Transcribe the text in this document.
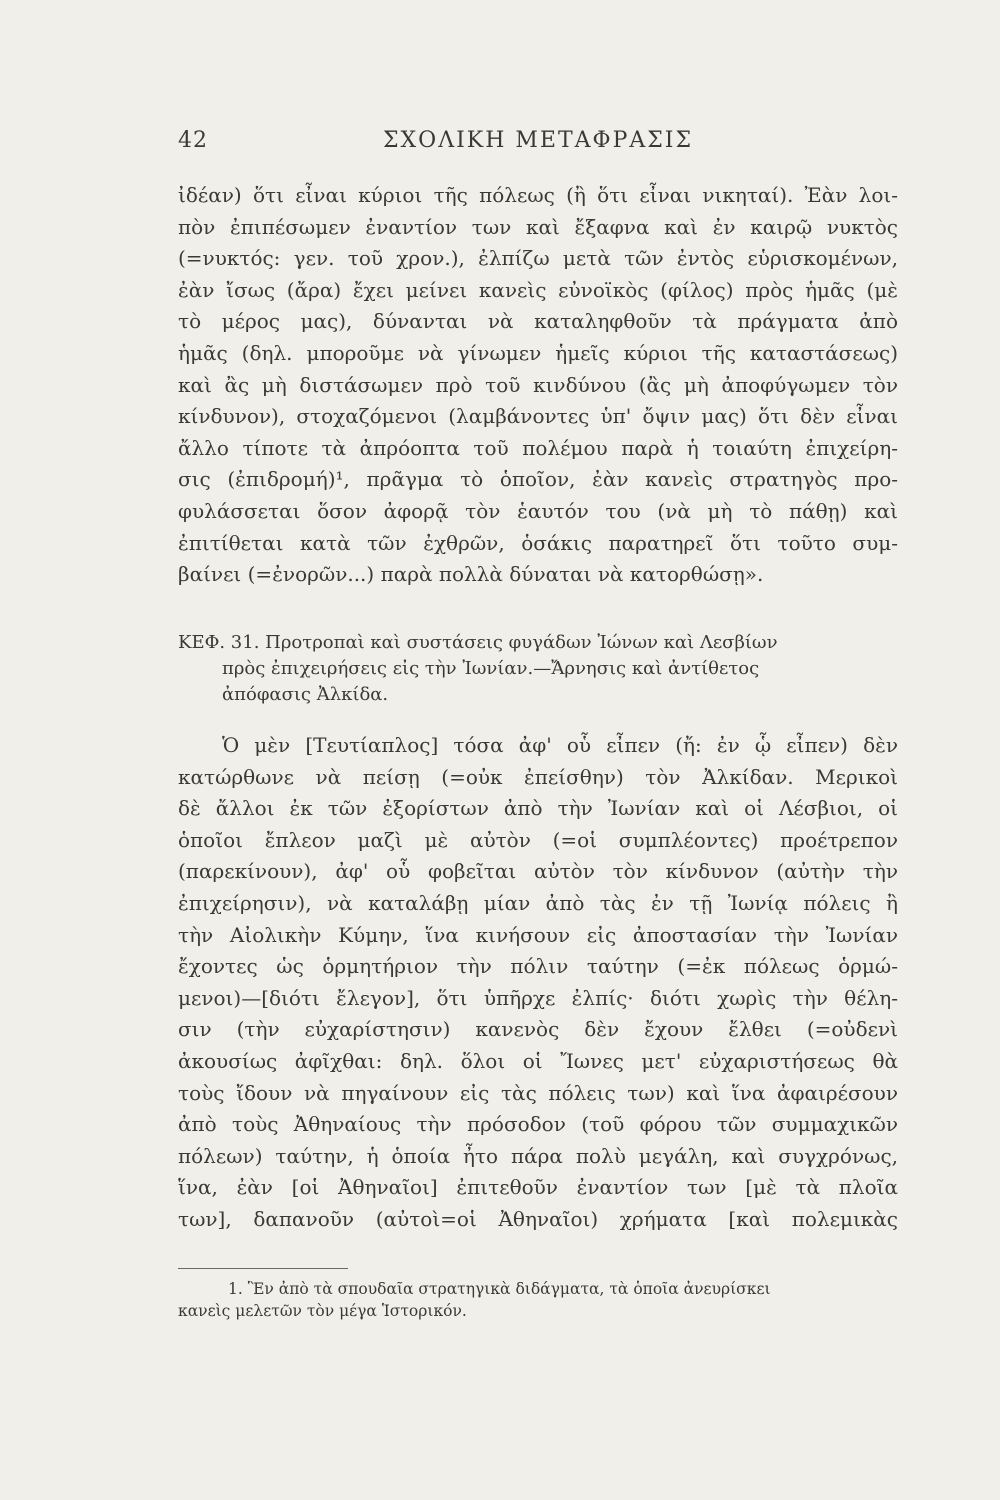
42	ΣΧΟΛΙΚΗ ΜΕΤΑΦΡΑΣΙΣ
ἰδέαν) ὅτι εἶναι κύριοι τῆς πόλεως (ἢ ὅτι εἶναι νικηταί). Ἐὰν λοι-
πὸν ἐπιπέσωμεν ἐναντίον των καὶ ἔξαφνα καὶ ἐν καιρῷ νυκτὸς
(=νυκτός: γεν. τοῦ χρον.), ἐλπίζω μετὰ τῶν ἐντὸς εὑρισκομένων,
ἐὰν ἴσως (ἄρα) ἔχει μείνει κανεὶς εὐνοϊκὸς (φίλος) πρὸς ἡμᾶς (μὲ
τὸ μέρος μας), δύνανται νὰ καταληφθοῦν τὰ πράγματα ἀπὸ
ἡμᾶς (δηλ. μποροῦμε νὰ γίνωμεν ἡμεῖς κύριοι τῆς καταστάσεως)
καὶ ἂς μὴ διστάσωμεν πρὸ τοῦ κινδύνου (ἂς μὴ ἀποφύγωμεν τὸν
κίνδυνον), στοχαζόμενοι (λαμβάνοντες ὑπ' ὄψιν μας) ὅτι δὲν εἶναι
ἄλλο τίποτε τὰ ἀπρόοπτα τοῦ πολέμου παρὰ ἡ τοιαύτη ἐπιχείρη-
σις (ἐπιδρομή)¹, πρᾶγμα τὸ ὁποῖον, ἐὰν κανεὶς στρατηγὸς προ-
φυλάσσεται ὅσον ἀφορᾷ τὸν ἑαυτόν του (νὰ μὴ τὸ πάθῃ) καὶ
ἐπιτίθεται κατὰ τῶν ἐχθρῶν, ὁσάκις παρατηρεῖ ὅτι τοῦτο συμ-
βαίνει (=ἐνορῶν...) παρὰ πολλὰ δύναται νὰ κατορθώσῃ».
ΚΕΦ. 31. Προτροπαὶ καὶ συστάσεις φυγάδων Ἰώνων καὶ Λεσβίων
πρὸς ἐπιχειρήσεις εἰς τὴν Ἰωνίαν.—Ἄρνησις καὶ ἀντίθετος
ἀπόφασις Ἀλκίδα.
Ὁ μὲν [Τευτίαπλος] τόσα ἀφ' οὗ εἶπεν (ἤ: ἐν ᾧ εἶπεν) δὲν
κατώρθωνε νὰ πείσῃ (=οὐκ ἐπείσθην) τὸν Ἀλκίδαν. Μερικοὶ
δὲ ἄλλοι ἐκ τῶν ἐξορίστων ἀπὸ τὴν Ἰωνίαν καὶ οἱ Λέσβιοι, οἱ
ὁποῖοι ἔπλεον μαζὶ μὲ αὐτὸν (=οἱ συμπλέοντες) προέτρεπον
(παρεκίνουν), ἀφ' οὗ φοβεῖται αὐτὸν τὸν κίνδυνον (αὐτὴν τὴν
ἐπιχείρησιν), νὰ καταλάβῃ μίαν ἀπὸ τὰς ἐν τῇ Ἰωνίᾳ πόλεις ἢ
τὴν Αἰολικὴν Κύμην, ἵνα κινήσουν εἰς ἀποστασίαν τὴν Ἰωνίαν
ἔχοντες ὡς ὁρμητήριον τὴν πόλιν ταύτην (=ἐκ πόλεως ὁρμώ-
μενοι)—[διότι ἔλεγον], ὅτι ὑπῆρχε ἐλπίς· διότι χωρὶς τὴν θέλη-
σιν (τὴν εὐχαρίστησιν) κανενὸς δὲν ἔχουν ἔλθει (=οὐδενὶ
ἀκουσίως ἀφῖχθαι: δηλ. ὅλοι οἱ Ἴωνες μετ' εὐχαριστήσεως θὰ
τοὺς ἴδουν νὰ πηγαίνουν εἰς τὰς πόλεις των) καὶ ἵνα ἀφαιρέσουν
ἀπὸ τοὺς Ἀθηναίους τὴν πρόσοδον (τοῦ φόρου τῶν συμμαχικῶν
πόλεων) ταύτην, ἡ ὁποία ἦτο πάρα πολὺ μεγάλη, καὶ συγχρόνως,
ἵνα, ἐὰν [οἱ Ἀθηναῖοι] ἐπιτεθοῦν ἐναντίον των [μὲ τὰ πλοῖα
των], δαπανοῦν (αὐτοὶ=οἱ Ἀθηναῖοι) χρήματα [καὶ πολεμικὰς
1. Ἓν ἀπὸ τὰ σπουδαῖα στρατηγικὰ διδάγματα, τὰ ὁποῖα ἀνευρίσκει
κανεὶς μελετῶν τὸν μέγα Ἱστορικόν.
